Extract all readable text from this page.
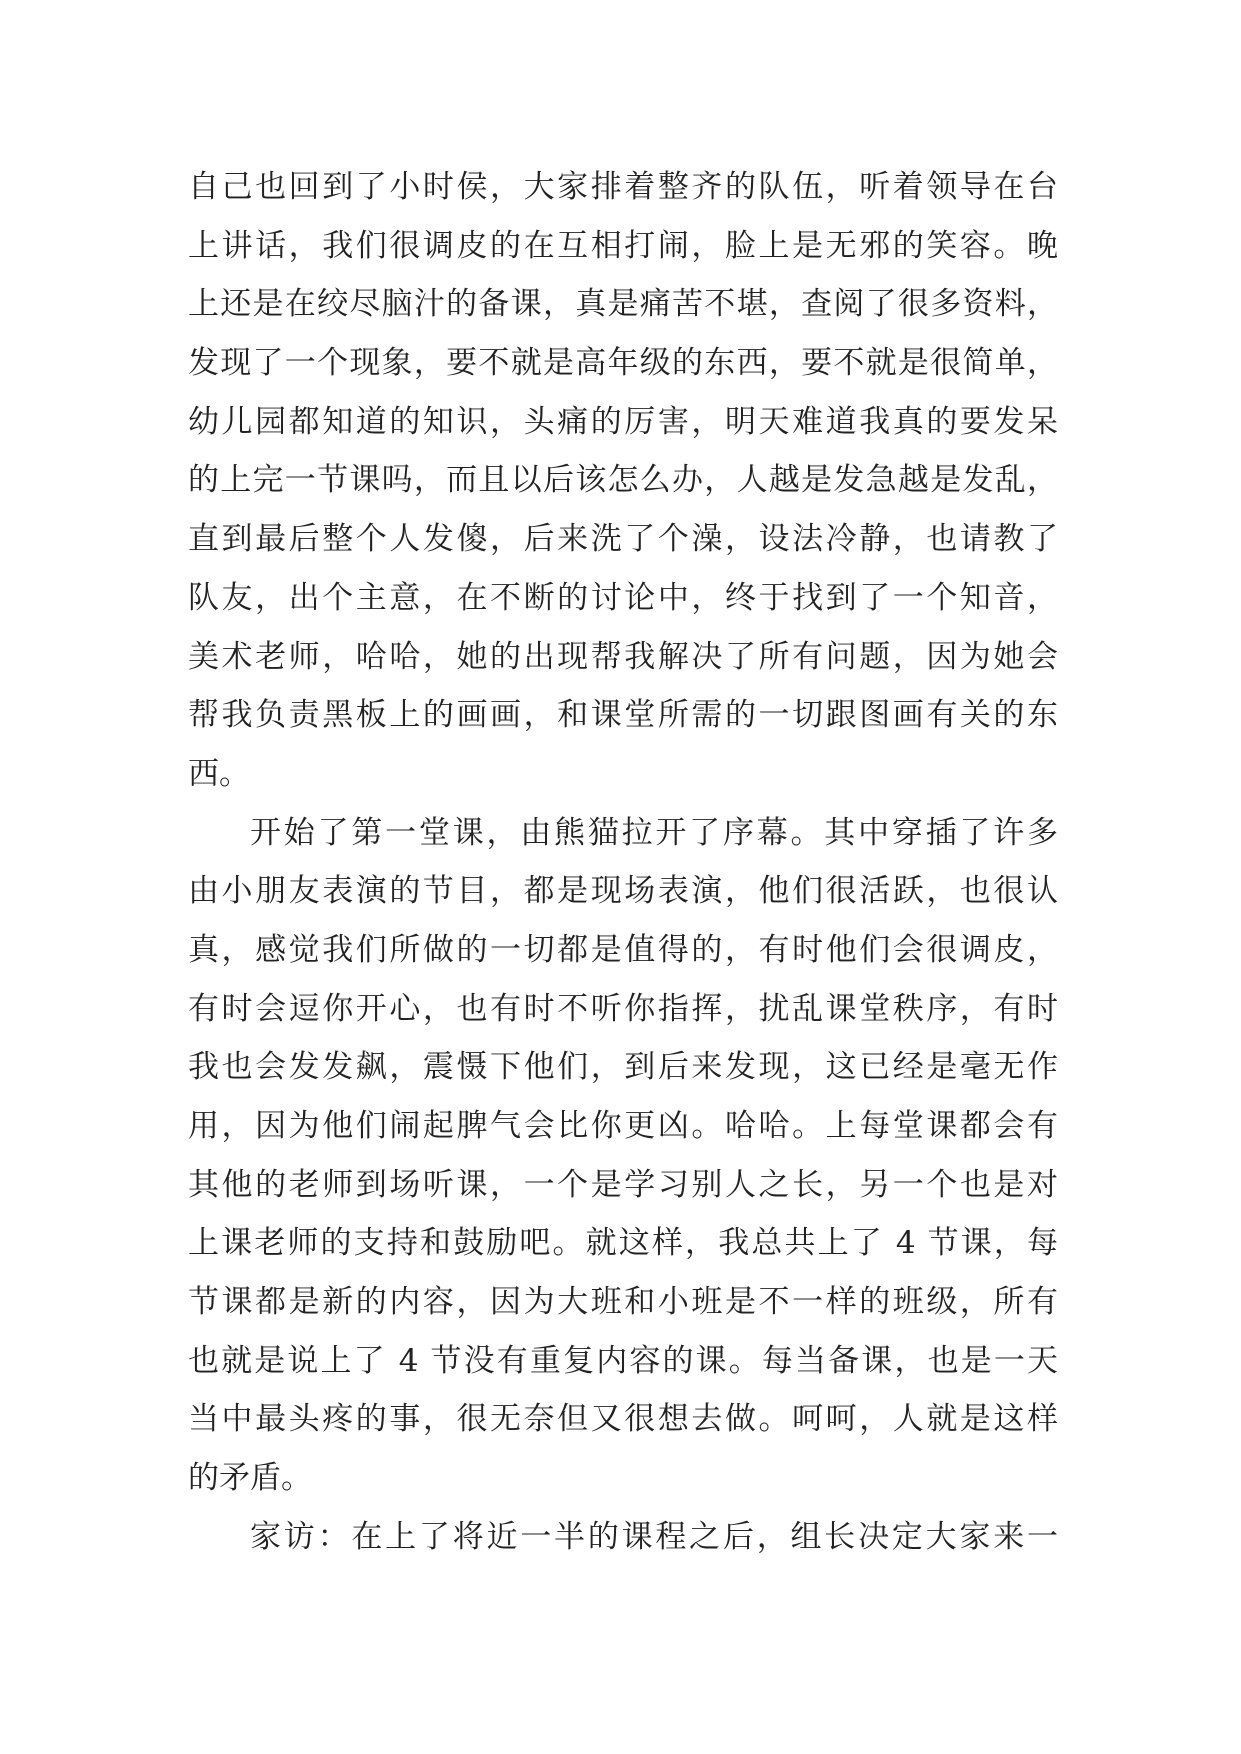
自己也回到了小时侯，大家排着整齐的队伍，听着领导在台
上讲话，我们很调皮的在互相打闹，脸上是无邪的笑容。晚
上还是在绞尽脑汁的备课，真是痛苦不堪，查阅了很多资料，
发现了一个现象，要不就是高年级的东西，要不就是很简单，
幼儿园都知道的知识，头痛的厉害，明天难道我真的要发呆
的上完一节课吗，而且以后该怎么办，人越是发急越是发乱，
直到最后整个人发傻，后来洗了个澡，设法冷静，也请教了
队友，出个主意，在不断的讨论中，终于找到了一个知音，
美术老师，哈哈，她的出现帮我解决了所有问题，因为她会
帮我负责黑板上的画画，和课堂所需的一切跟图画有关的东
西。
开始了第一堂课，由熊猫拉开了序幕。其中穿插了许多
由小朋友表演的节目，都是现场表演，他们很活跃，也很认
真，感觉我们所做的一切都是值得的，有时他们会很调皮，
有时会逗你开心，也有时不听你指挥，扰乱课堂秩序，有时
我也会发发飙，震慑下他们，到后来发现，这已经是毫无作
用，因为他们闹起脾气会比你更凶。哈哈。上每堂课都会有
其他的老师到场听课，一个是学习别人之长，另一个也是对
上课老师的支持和鼓励吧。就这样，我总共上了 4 节课，每
节课都是新的内容，因为大班和小班是不一样的班级，所有
也就是说上了 4 节没有重复内容的课。每当备课，也是一天
当中最头疼的事，很无奈但又很想去做。呵呵，人就是这样
的矛盾。
家访：在上了将近一半的课程之后，组长决定大家来一
